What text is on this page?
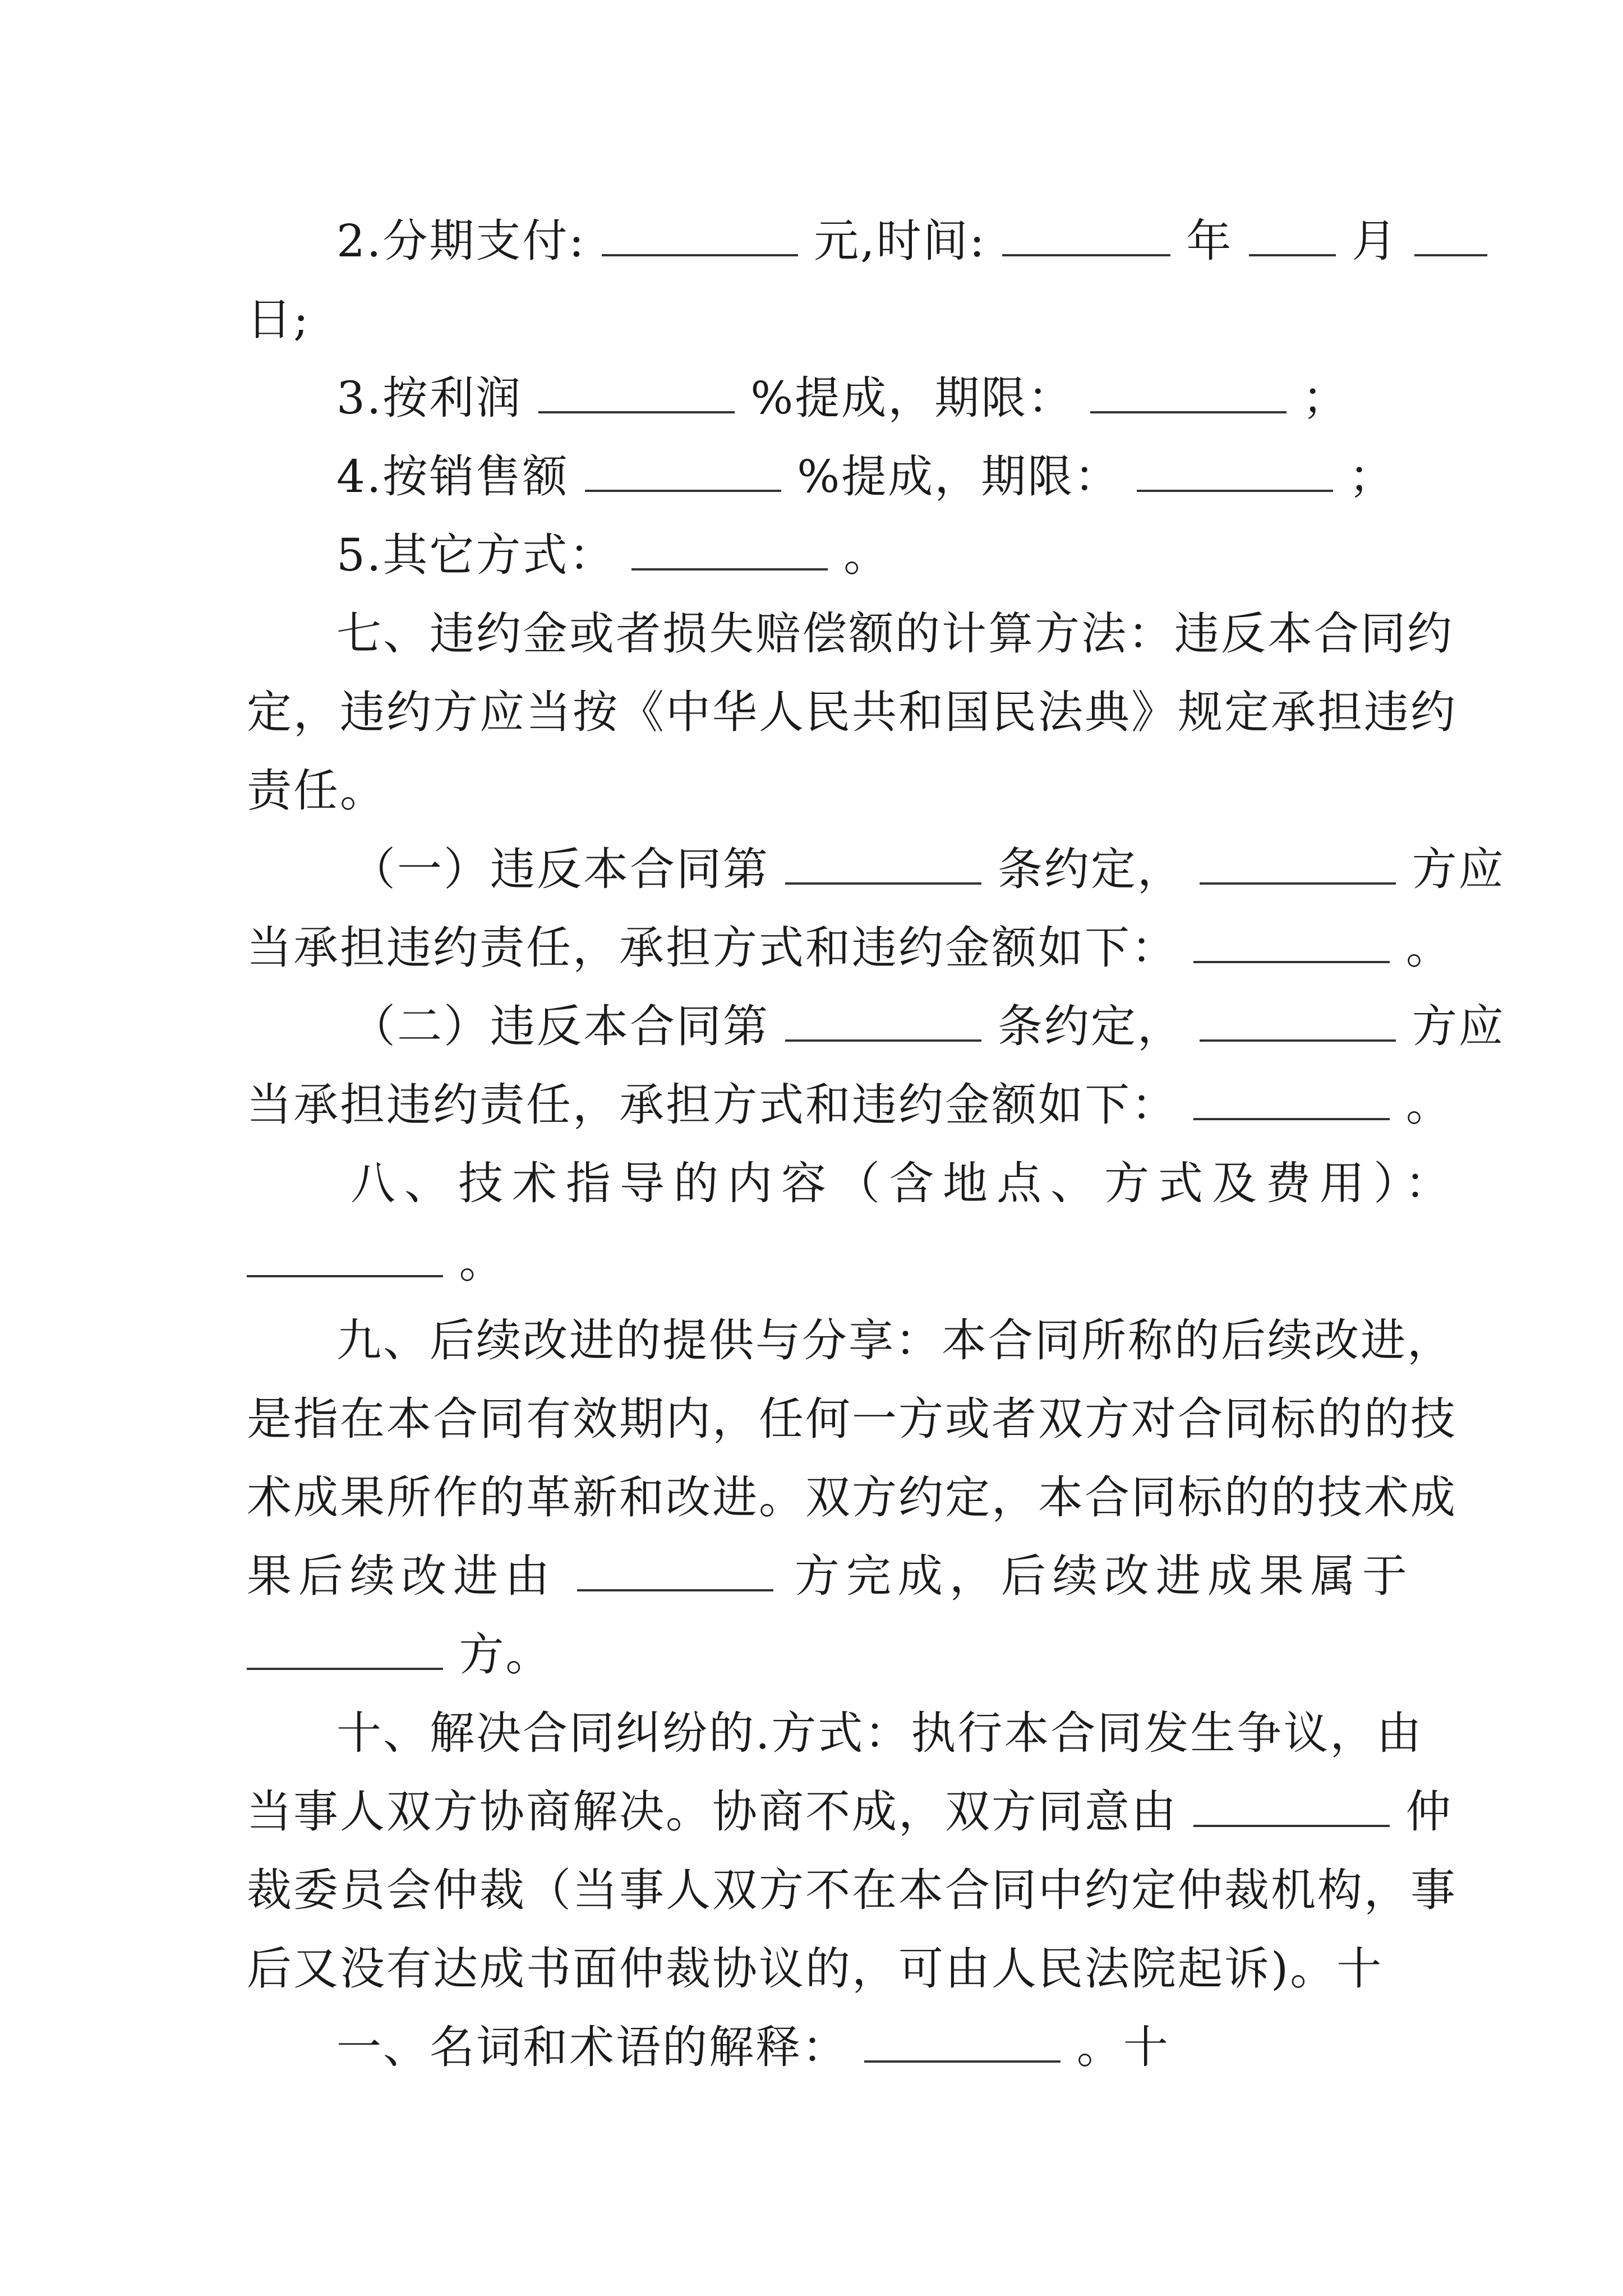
2.分期支付:	元,时间:	年	月
日;
3.按利润	%提成，期限：	；
4.按销售额	%提成，期限：	；
5.其它方式：	。
七、违约金或者损失赔偿额的计算方法：违反本合同约
定，违约方应当按《中华人民共和国民法典》规定承担违约
责任。
（一）违反本合同第	条约定，	方应
当承担违约责任，承担方式和违约金额如下：	。
（二）违反本合同第	条约定，	方应
当承担违约责任，承担方式和违约金额如下：	。
八、技术指导的内容（含地点、方式及费用）：
。
九、后续改进的提供与分享：本合同所称的后续改进，
是指在本合同有效期内，任何一方或者双方对合同标的的技
术成果所作的革新和改进。双方约定，本合同标的的技术成
果后续改进由	方完成，后续改进成果属于
方。
十、解决合同纠纷的.方式：执行本合同发生争议，由
当事人双方协商解决。协商不成，双方同意由	仲
裁委员会仲裁（当事人双方不在本合同中约定仲裁机构，事
后又没有达成书面仲裁协议的，可由人民法院起诉)。十
一、名词和术语的解释：	。十
